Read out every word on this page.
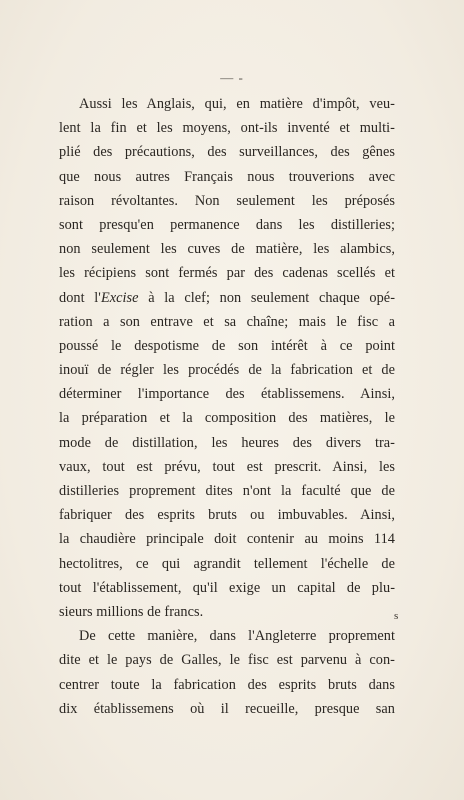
— -
Aussi les Anglais, qui, en matière d'impôt, veu-
lent la fin et les moyens, ont-ils inventé et multi-
plié des précautions, des surveillances, des gênes
que nous autres Français nous trouverions avec
raison révoltantes. Non seulement les préposés
sont presqu'en permanence dans les distilleries;
non seulement les cuves de matière, les alambics,
les récipiens sont fermés par des cadenas scellés et
dont l'Excise à la clef; non seulement chaque opé-
ration a son entrave et sa chaîne; mais le fisc a
poussé le despotisme de son intérêt à ce point
inouï de régler les procédés de la fabrication et de
déterminer l'importance des établissemens. Ainsi,
la préparation et la composition des matières, le
mode de distillation, les heures des divers tra-
vaux, tout est prévu, tout est prescrit. Ainsi, les
distilleries proprement dites n'ont la faculté que de
fabriquer des esprits bruts ou imbuvables. Ainsi,
la chaudière principale doit contenir au moins 114
hectolitres, ce qui agrandit tellement l'échelle de
tout l'établissement, qu'il exige un capital de plu-
sieurs millions de francs.
De cette manière, dans l'Angleterre proprement
dite et le pays de Galles, le fisc est parvenu à con-
centrer toute la fabrication des esprits bruts dans
dix établissemens où il recueille, presque san
s
